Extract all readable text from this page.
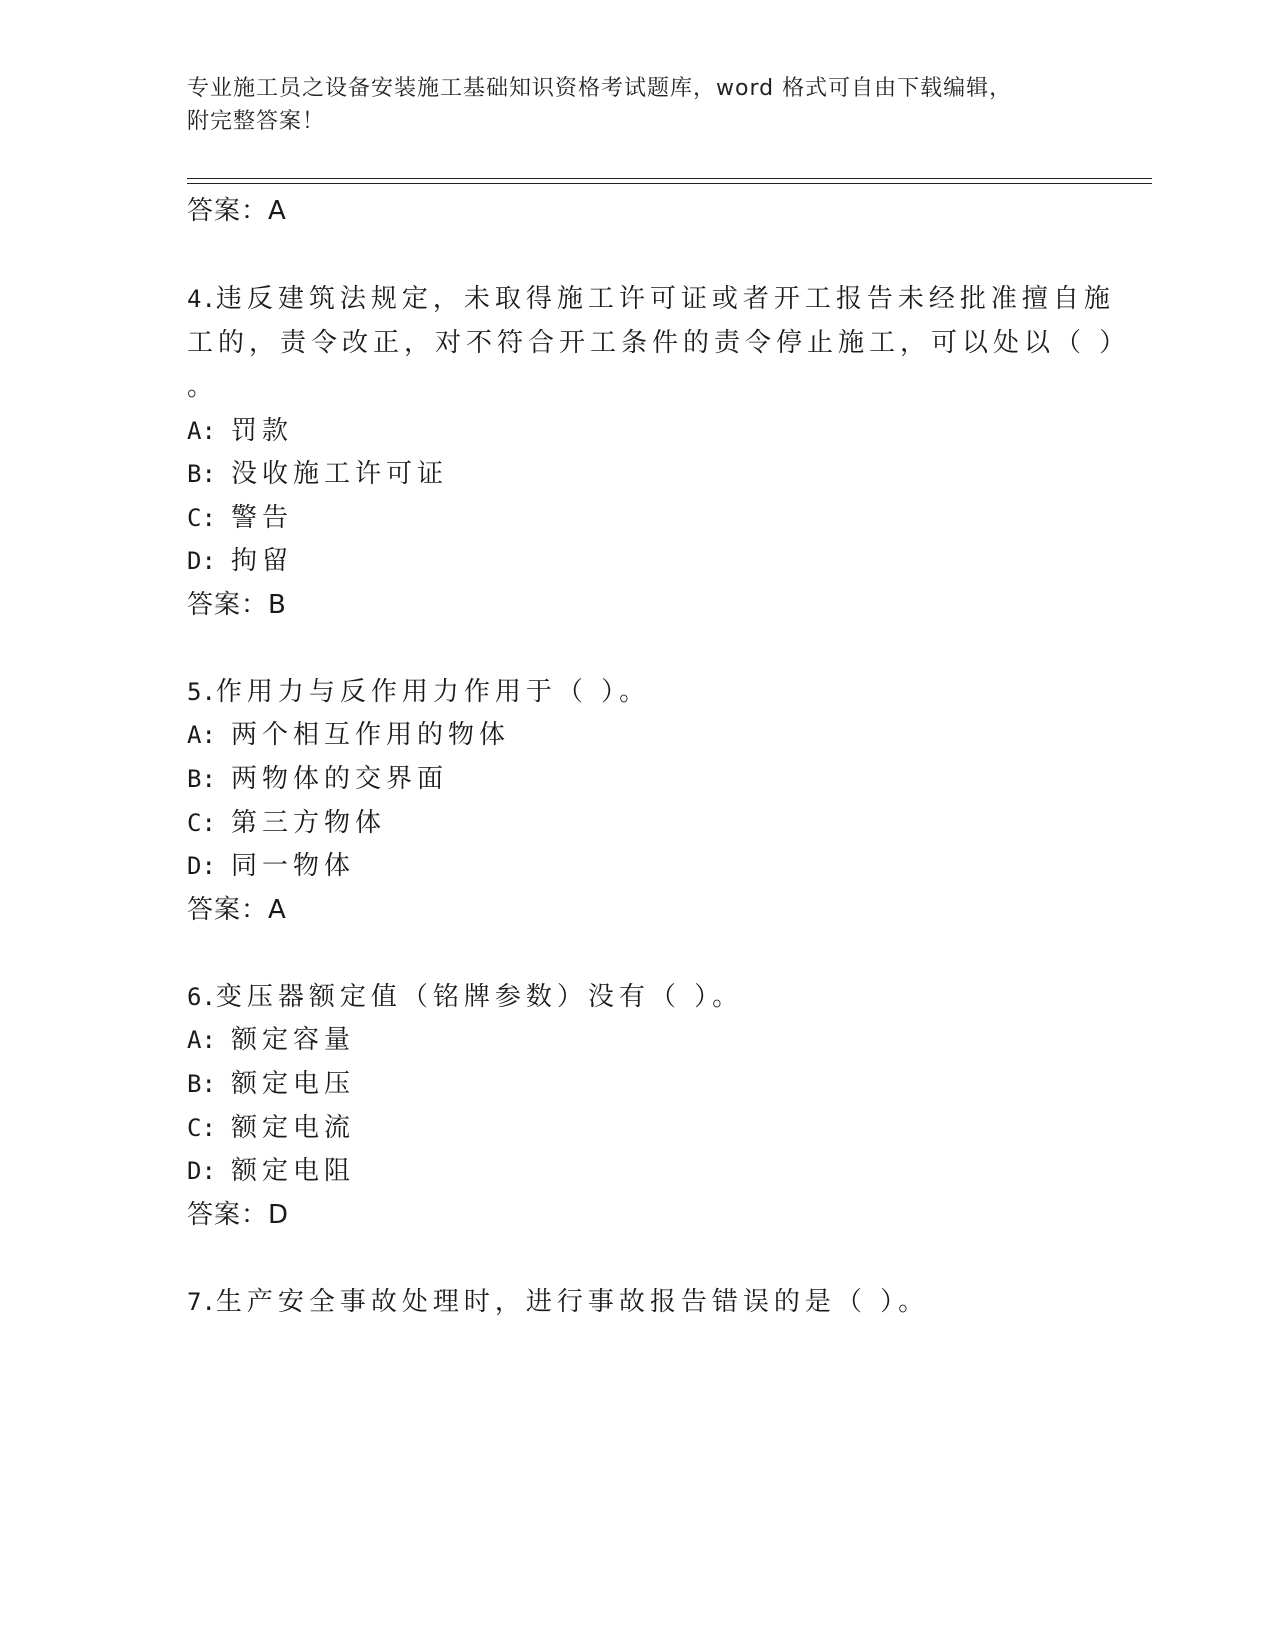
专业施工员之设备安装施工基础知识资格考试题库，word 格式可自由下载编辑，
附完整答案！
答案：A
4.违反建筑法规定，未取得施工许可证或者开工报告未经批准擅自施
工的，责令改正，对不符合开工条件的责令停止施工，可以处以（ ）
。
A: 罚款
B: 没收施工许可证
C: 警告
D: 拘留
答案：B
5.作用力与反作用力作用于（ ）。
A: 两个相互作用的物体
B: 两物体的交界面
C: 第三方物体
D: 同一物体
答案：A
6.变压器额定值（铭牌参数）没有（ ）。
A: 额定容量
B: 额定电压
C: 额定电流
D: 额定电阻
答案：D
7.生产安全事故处理时，进行事故报告错误的是（ ）。
